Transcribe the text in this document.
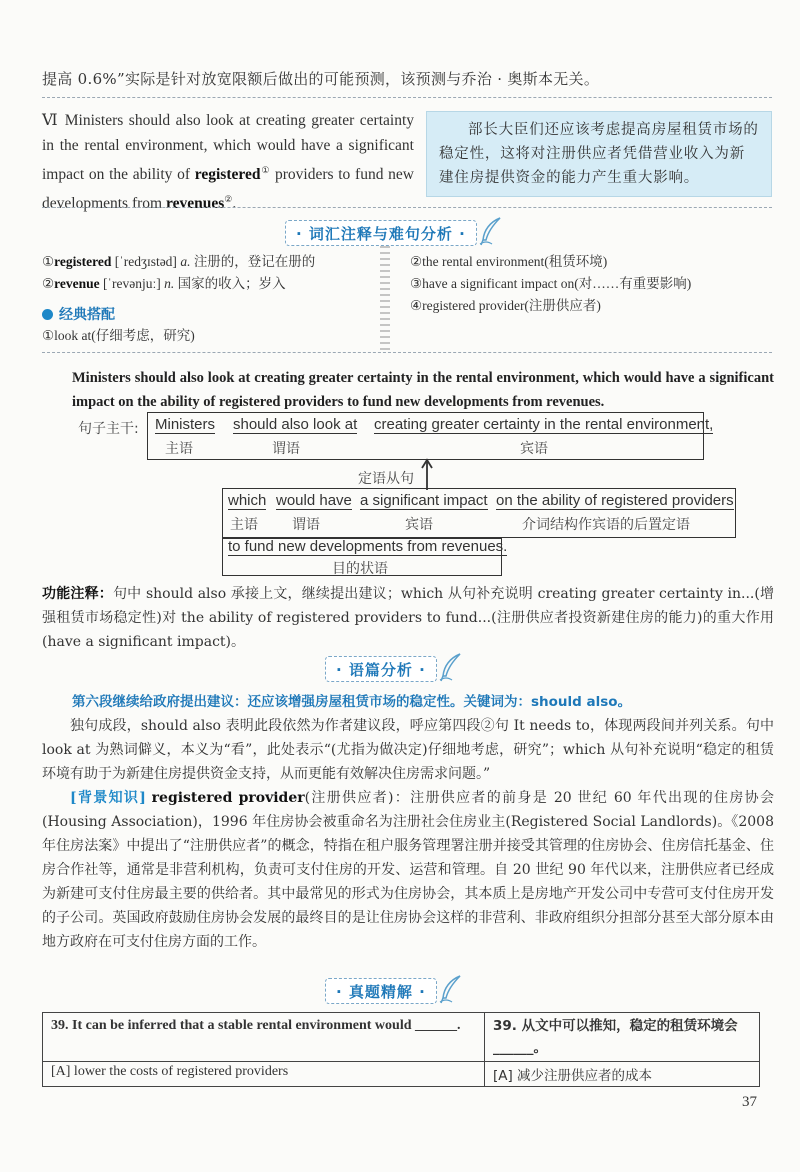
提高 0.6%”实际是针对放宽限额后做出的可能预测，该预测与乔治 · 奥斯本无关。
Ⅵ Ministers should also look at creating greater certainty in the rental environment, which would have a significant impact on the ability of registered① providers to fund new developments from revenues②.
部长大臣们还应该考虑提高房屋租赁市场的稳定性，这将对注册供应者凭借营业收入为新建住房提供资金的能力产生重大影响。
· 词汇注释与难句分析 ·
①registered [ˈredʒɪstəd] a. 注册的，登记在册的
②revenue [ˈrevənjuː] n. 国家的收入；岁入
经典搭配
①look at(仔细考虑，研究)
②the rental environment(租赁环境)
③have a significant impact on(对……有重要影响)
④registered provider(注册供应者)
Ministers should also look at creating greater certainty in the rental environment, which would have a significant impact on the ability of registered providers to fund new developments from revenues.
句子主干: Ministers should also look at creating greater certainty in the rental environment,
主语	谓语	宾语
定语从句
which would have a significant impact on the ability of registered providers
主语 谓语	宾语	介词结构作宾语的后置定语
to fund new developments from revenues.
目的状语
功能注释：句中 should also 承接上文，继续提出建议；which 从句补充说明 creating greater certainty in...(增强租赁市场稳定性)对 the ability of registered providers to fund...(注册供应者投资新建住房的能力)的重大作用(have a significant impact)。
· 语篇分析 ·
第六段继续给政府提出建议：还应该增强房屋租赁市场的稳定性。关键词为：should also。
独句成段，should also 表明此段依然为作者建议段，呼应第四段②句 It needs to，体现两段间并列关系。句中 look at 为熟词僻义，本义为“看”，此处表示“(尤指为做决定)仔细地考虑，研究”；which 从句补充说明“稳定的租赁环境有助于为新建住房提供资金支持，从而更能有效解决住房需求问题。”
[背景知识] registered provider(注册供应者)：注册供应者的前身是 20 世纪 60 年代出现的住房协会(Housing Association)，1996 年住房协会被重命名为注册社会住房业主(Registered Social Landlords)。《2008 年住房法案》中提出了“注册供应者”的概念，特指在租户服务管理署注册并接受其管理的住房协会、住房信托基金、住房合作社等，通常是非营利机构，负责可支付住房的开发、运营和管理。自 20 世纪 90 年代以来，注册供应者已经成为新建可支付住房最主要的供给者。其中最常见的形式为住房协会，其本质上是房地产开发公司中专营可支付住房开发的子公司。英国政府鼓励住房协会发展的最终目的是让住房协会这样的非营利、非政府组织分担部分甚至大部分原本由地方政府在可支付住房方面的工作。
· 真题精解 ·
39. It can be inferred that a stable rental environment would ______.	39. 从文中可以推知，稳定的租赁环境会______。
[A] lower the costs of registered providers	[A] 减少注册供应者的成本
37
